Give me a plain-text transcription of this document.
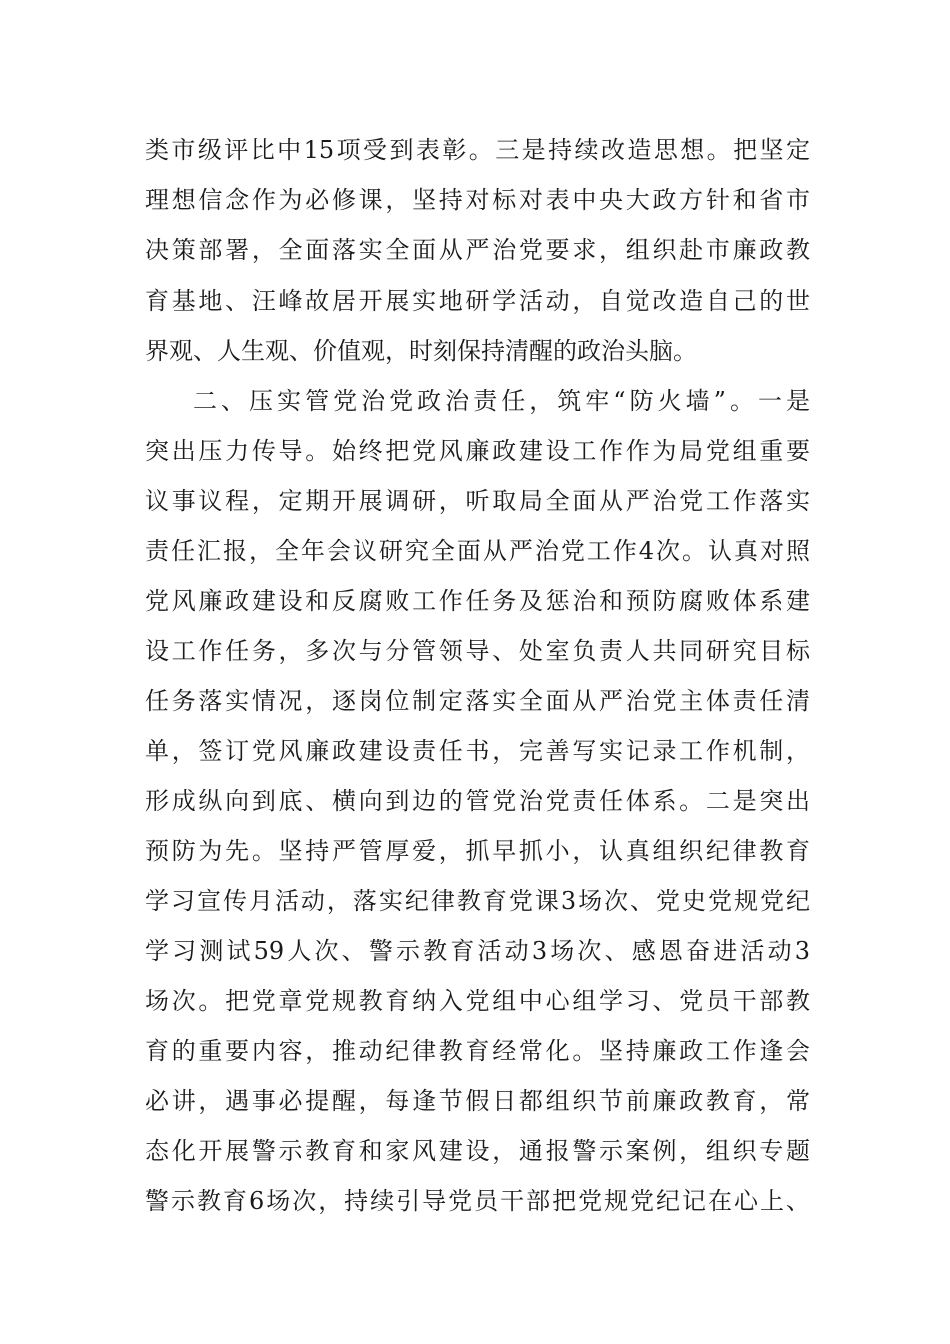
类市级评比中15项受到表彰。三是持续改造思想。把坚定
理想信念作为必修课，坚持对标对表中央大政方针和省市
决策部署，全面落实全面从严治党要求，组织赴市廉政教
育基地、汪峰故居开展实地研学活动，自觉改造自己的世
界观、人生观、价值观，时刻保持清醒的政治头脑。
二、压实管党治党政治责任，筑牢“防火墙”。一是
突出压力传导。始终把党风廉政建设工作作为局党组重要
议事议程，定期开展调研，听取局全面从严治党工作落实
责任汇报，全年会议研究全面从严治党工作4次。认真对照
党风廉政建设和反腐败工作任务及惩治和预防腐败体系建
设工作任务，多次与分管领导、处室负责人共同研究目标
任务落实情况，逐岗位制定落实全面从严治党主体责任清
单，签订党风廉政建设责任书，完善写实记录工作机制，
形成纵向到底、横向到边的管党治党责任体系。二是突出
预防为先。坚持严管厚爱，抓早抓小，认真组织纪律教育
学习宣传月活动，落实纪律教育党课3场次、党史党规党纪
学习测试59人次、警示教育活动3场次、感恩奋进活动3
场次。把党章党规教育纳入党组中心组学习、党员干部教
育的重要内容，推动纪律教育经常化。坚持廉政工作逢会
必讲，遇事必提醒，每逢节假日都组织节前廉政教育，常
态化开展警示教育和家风建设，通报警示案例，组织专题
警示教育6场次，持续引导党员干部把党规党纪记在心上、
